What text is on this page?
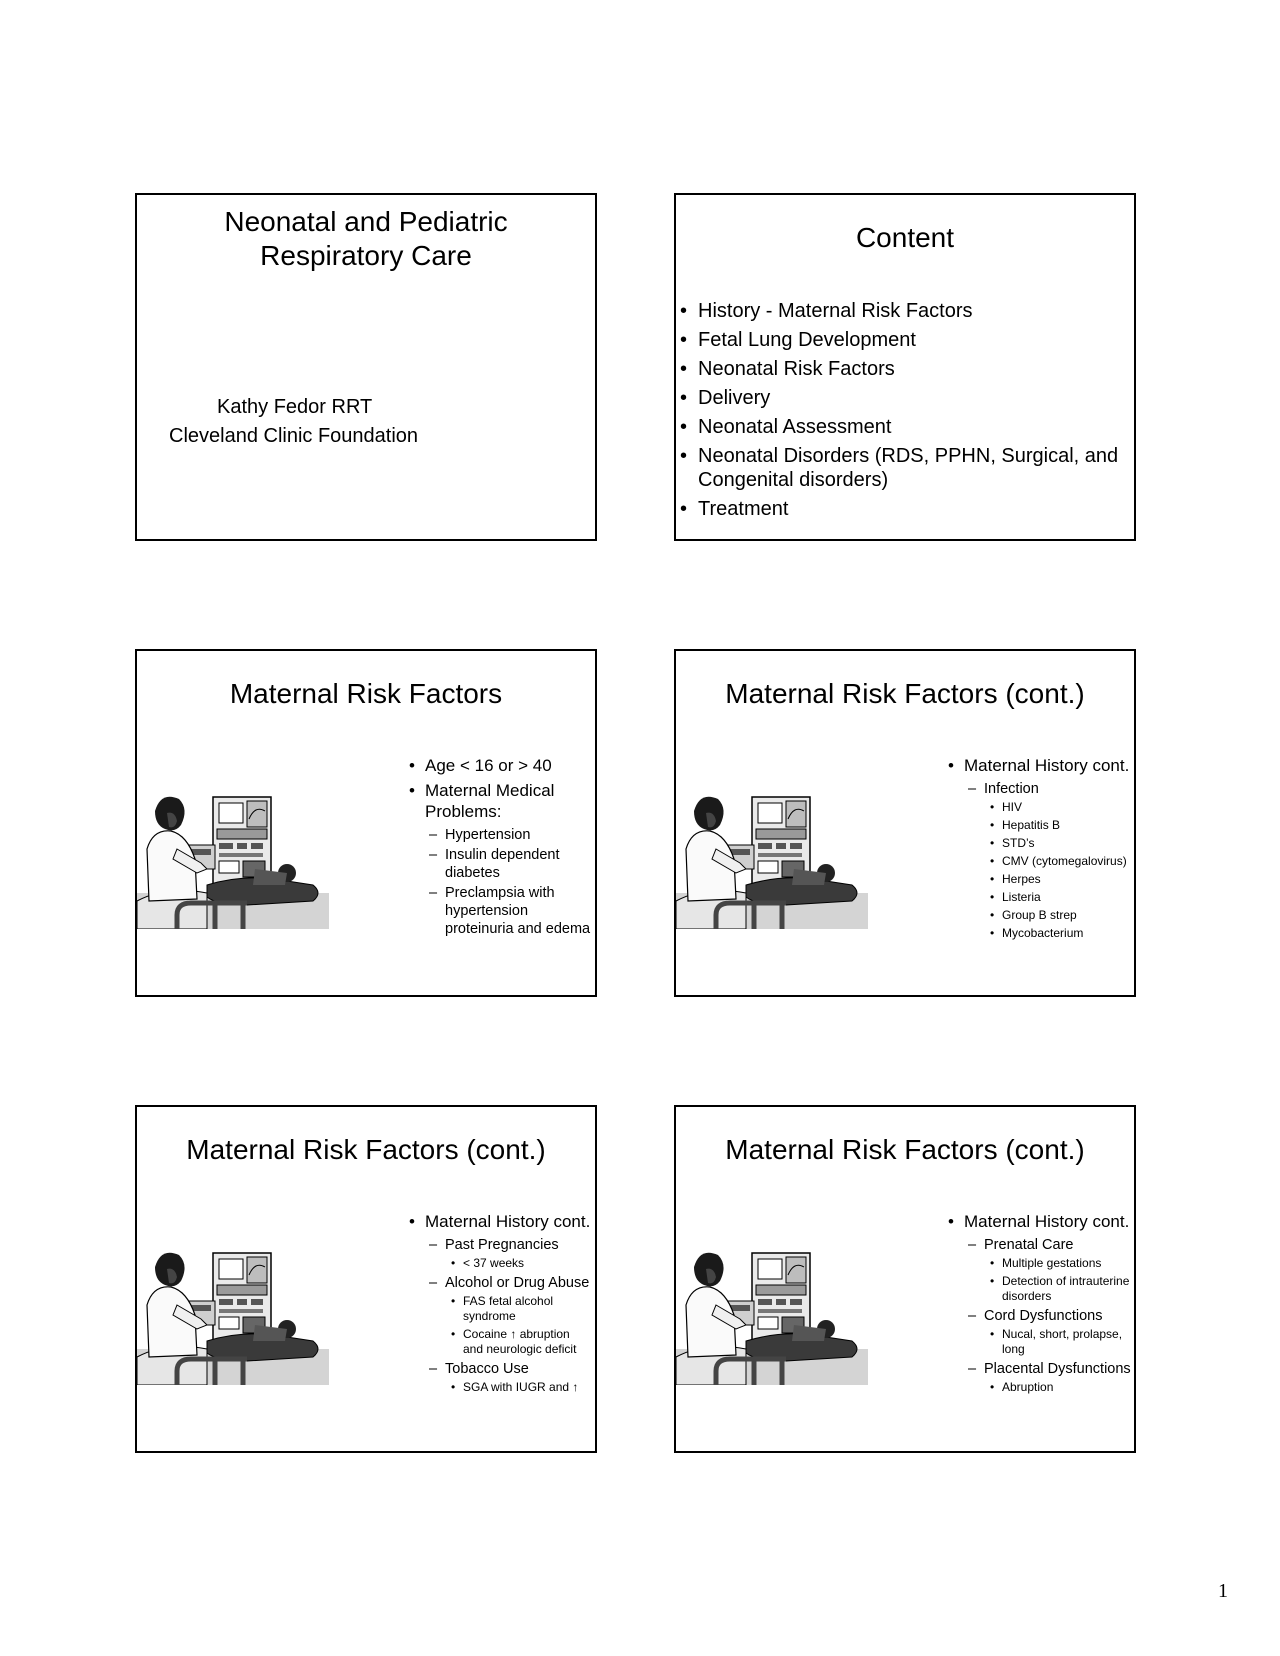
Neonatal and Pediatric
Respiratory Care
Kathy Fedor RRT
Cleveland Clinic Foundation
Content
• History - Maternal Risk Factors
• Fetal Lung Development
• Neonatal Risk Factors
• Delivery
• Neonatal Assessment
• Neonatal Disorders (RDS, PPHN, Surgical, and Congenital disorders)
• Treatment
Maternal Risk Factors
• Age < 16 or > 40
• Maternal Medical Problems:
– Hypertension
– Insulin dependent diabetes
– Preclampsia with hypertension proteinuria and edema
Maternal Risk Factors (cont.)
• Maternal History cont.
– Infection
• HIV
• Hepatitis B
• STD’s
• CMV (cytomegalovirus)
• Herpes
• Listeria
• Group B strep
• Mycobacterium
Maternal Risk Factors (cont.)
• Maternal History cont.
– Past Pregnancies
• < 37 weeks
– Alcohol or Drug Abuse
• FAS fetal alcohol syndrome
• Cocaine ↑ abruption and neurologic deficit
– Tobacco Use
• SGA with IUGR and ↑
Maternal Risk Factors (cont.)
• Maternal History cont.
– Prenatal Care
• Multiple gestations
• Detection of intrauterine disorders
– Cord Dysfunctions
• Nucal, short, prolapse, long
– Placental Dysfunctions
• Abruption
1
